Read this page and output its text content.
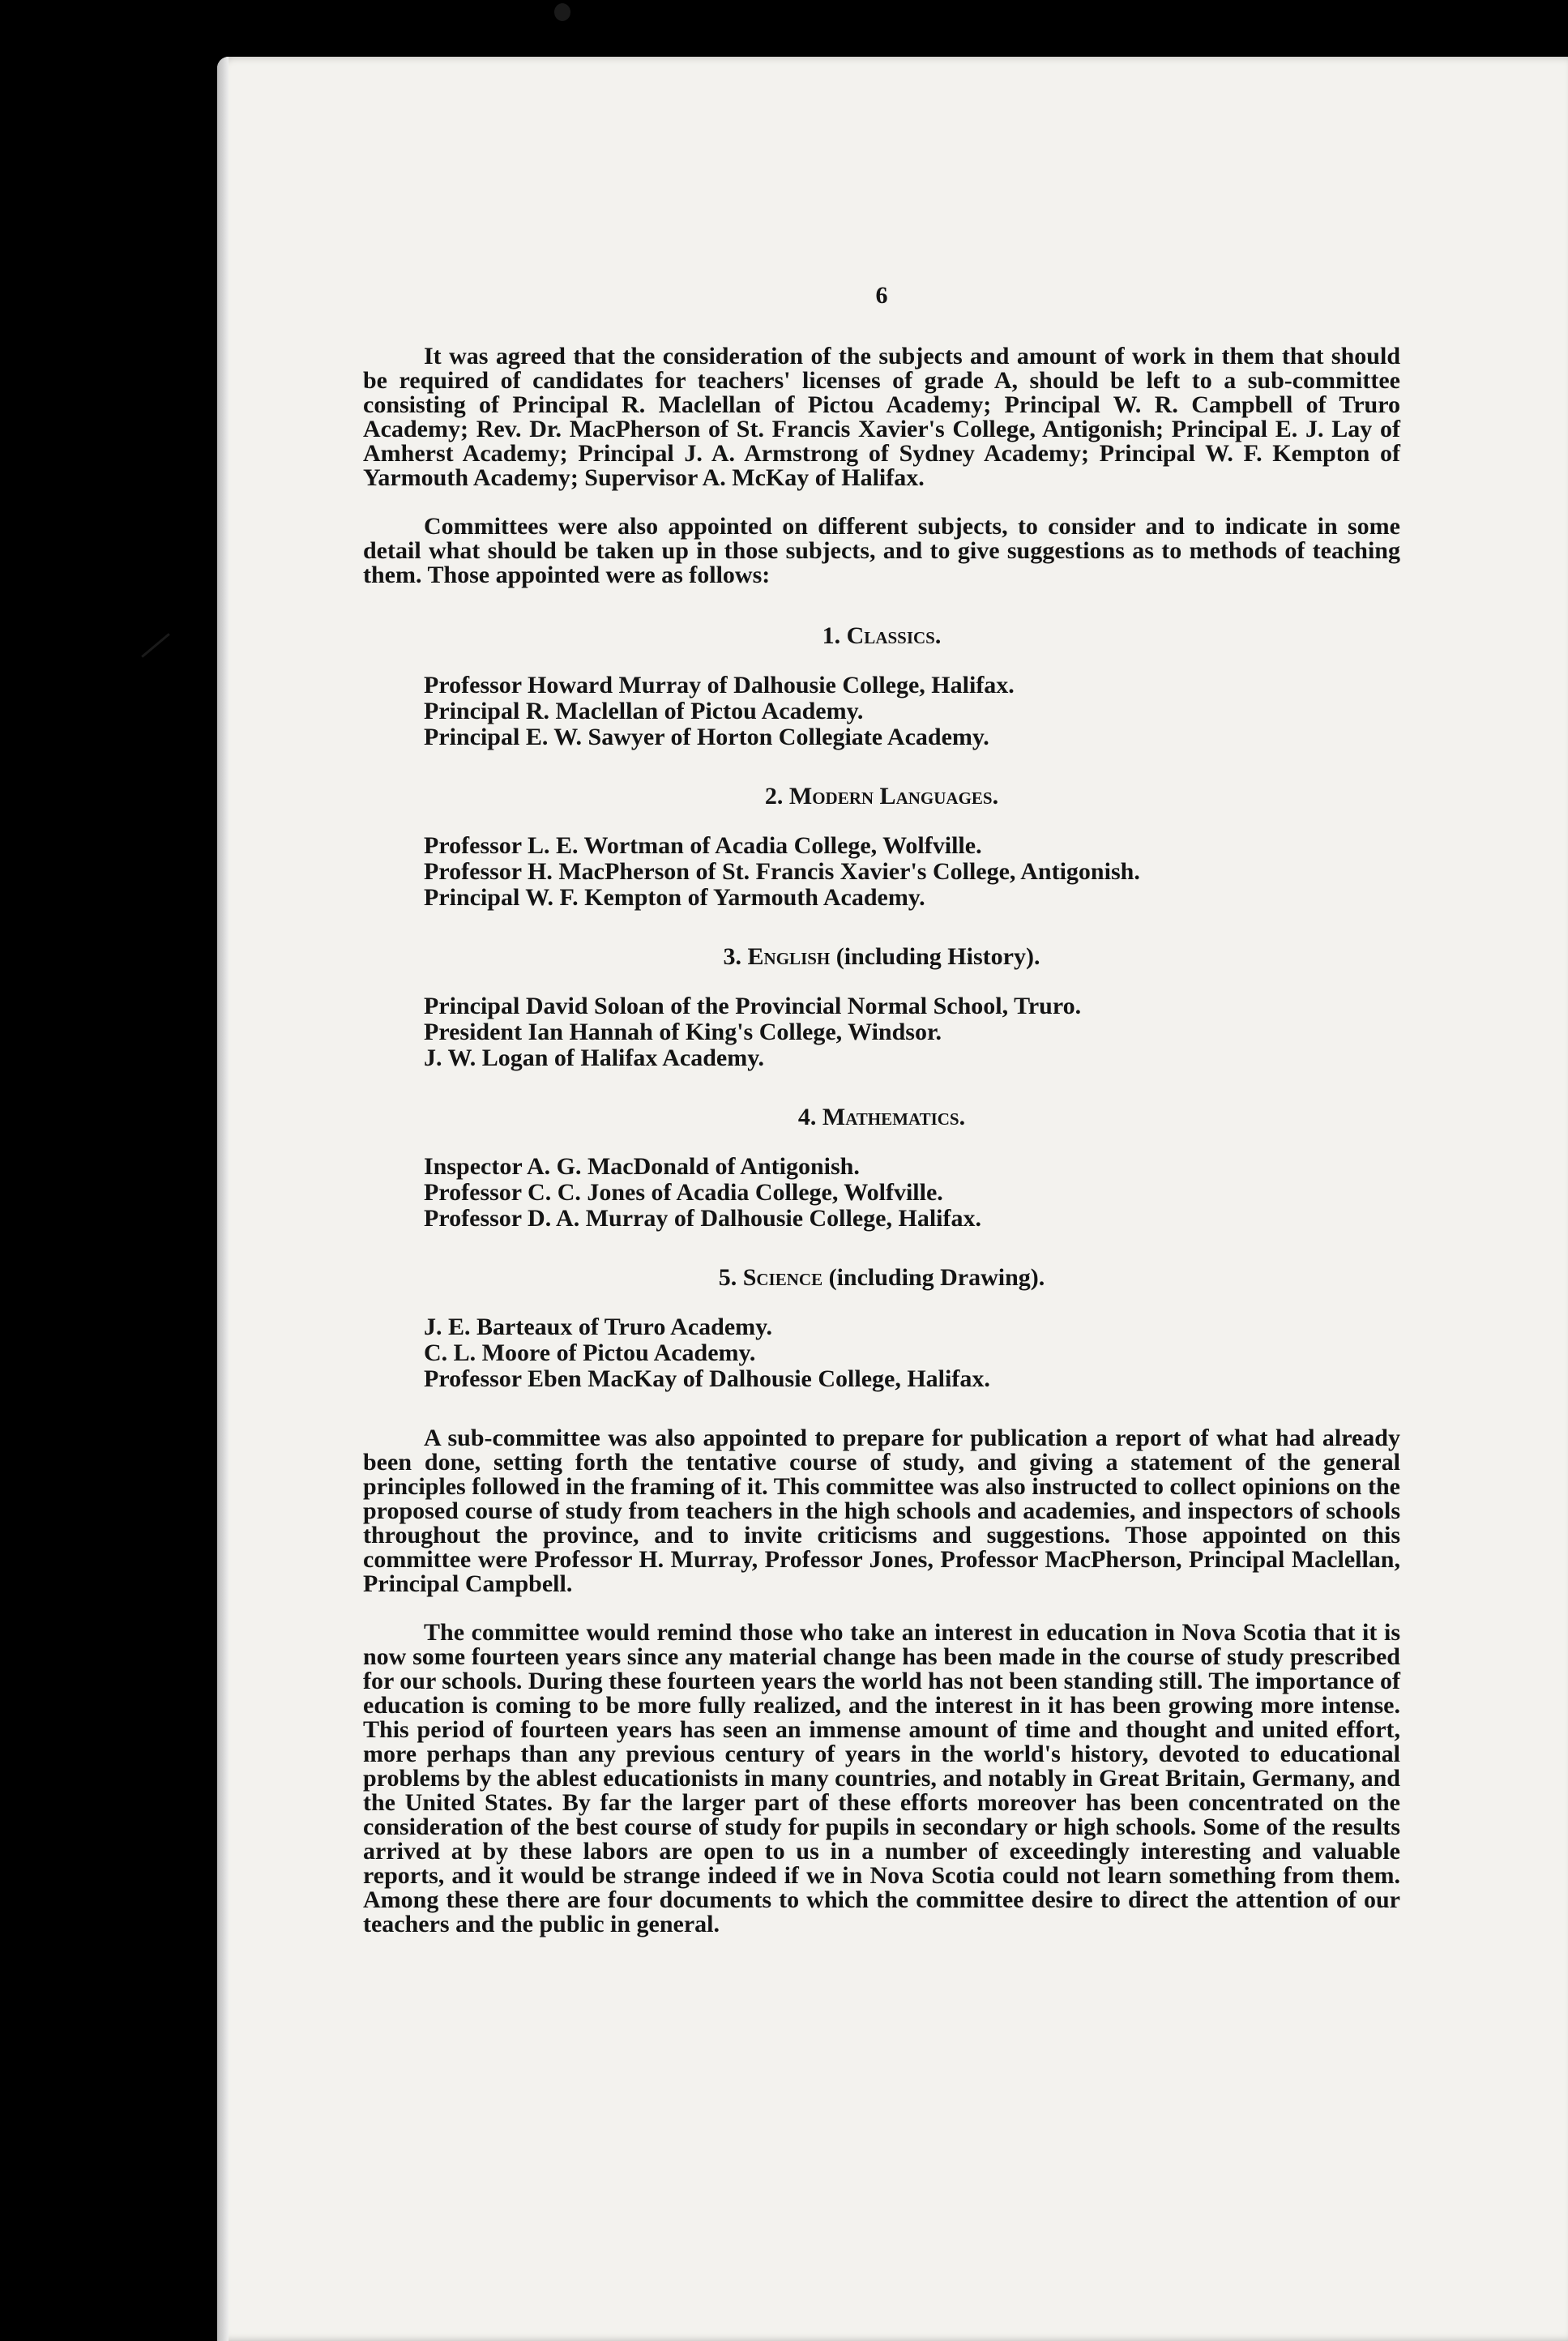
6

It was agreed that the consideration of the subjects and amount of work in them that should be required of candidates for teachers' licenses of grade A, should be left to a sub-committee consisting of Principal R. Maclellan of Pictou Academy; Principal W. R. Campbell of Truro Academy; Rev. Dr. MacPherson of St. Francis Xavier's College, Antigonish; Principal E. J. Lay of Amherst Academy; Principal J. A. Armstrong of Sydney Academy; Principal W. F. Kempton of Yarmouth Academy; Supervisor A. McKay of Halifax.

Committees were also appointed on different subjects, to consider and to indicate in some detail what should be taken up in those subjects, and to give suggestions as to methods of teaching them. Those appointed were as follows:

1. Classics.
Professor Howard Murray of Dalhousie College, Halifax.
Principal R. Maclellan of Pictou Academy.
Principal E. W. Sawyer of Horton Collegiate Academy.
2. Modern Languages.
Professor L. E. Wortman of Acadia College, Wolfville.
Professor H. MacPherson of St. Francis Xavier's College, Antigonish.
Principal W. F. Kempton of Yarmouth Academy.
3. English (including History).
Principal David Soloan of the Provincial Normal School, Truro.
President Ian Hannah of King's College, Windsor.
J. W. Logan of Halifax Academy.
4. Mathematics.
Inspector A. G. MacDonald of Antigonish.
Professor C. C. Jones of Acadia College, Wolfville.
Professor D. A. Murray of Dalhousie College, Halifax.
5. Science (including Drawing).
J. E. Barteaux of Truro Academy.
C. L. Moore of Pictou Academy.
Professor Eben MacKay of Dalhousie College, Halifax.

A sub-committee was also appointed to prepare for publication a report of what had already been done, setting forth the tentative course of study, and giving a statement of the general principles followed in the framing of it. This committee was also instructed to collect opinions on the proposed course of study from teachers in the high schools and academies, and inspectors of schools throughout the province, and to invite criticisms and suggestions. Those appointed on this committee were Professor H. Murray, Professor Jones, Professor MacPherson, Principal Maclellan, Principal Campbell.

The committee would remind those who take an interest in education in Nova Scotia that it is now some fourteen years since any material change has been made in the course of study prescribed for our schools. During these fourteen years the world has not been standing still. The importance of education is coming to be more fully realized, and the interest in it has been growing more intense. This period of fourteen years has seen an immense amount of time and thought and united effort, more perhaps than any previous century of years in the world's history, devoted to educational problems by the ablest educationists in many countries, and notably in Great Britain, Germany, and the United States. By far the larger part of these efforts moreover has been concentrated on the consideration of the best course of study for pupils in secondary or high schools. Some of the results arrived at by these labors are open to us in a number of exceedingly interesting and valuable reports, and it would be strange indeed if we in Nova Scotia could not learn something from them. Among these there are four documents to which the committee desire to direct the attention of our teachers and the public in general.
